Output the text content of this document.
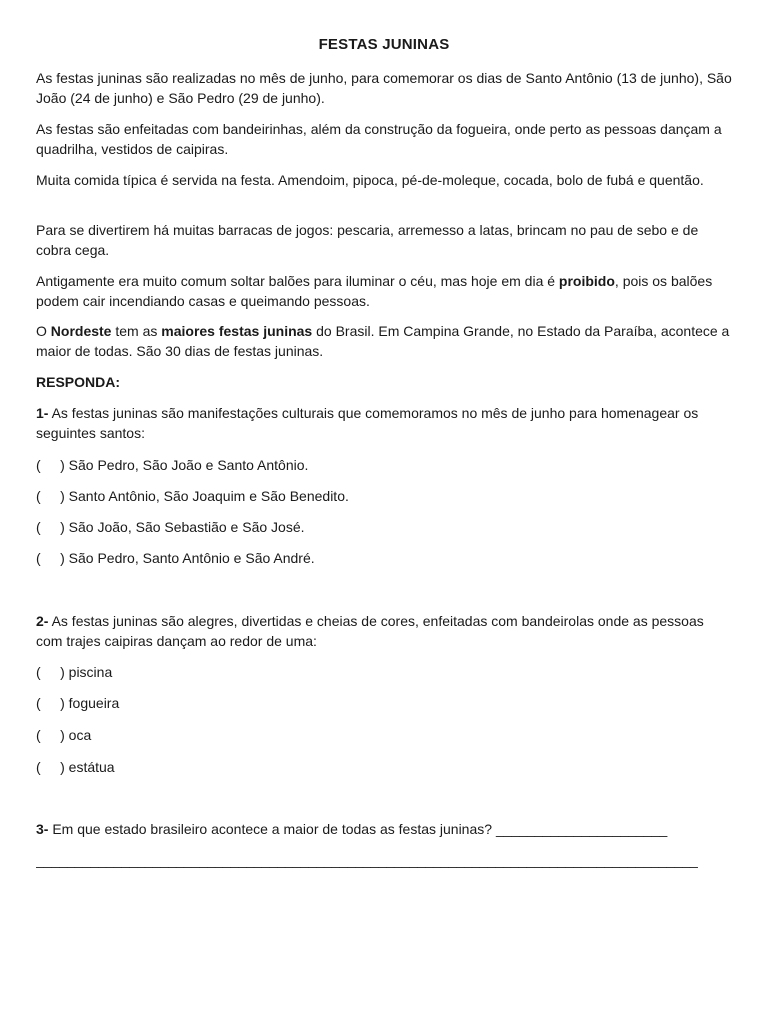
FESTAS JUNINAS
As festas juninas são realizadas no mês de junho, para comemorar os dias de Santo Antônio (13 de junho), São João (24 de junho) e São Pedro (29 de junho).
As festas são enfeitadas com bandeirinhas, além da construção da fogueira, onde perto as pessoas dançam a quadrilha, vestidos de caipiras.
Muita comida típica é servida na festa. Amendoim, pipoca, pé-de-moleque, cocada, bolo de fubá e quentão.
Para se divertirem há muitas barracas de jogos: pescaria, arremesso a latas, brincam no pau de sebo e de cobra cega.
Antigamente era muito comum soltar balões para iluminar o céu, mas hoje em dia é proibido, pois os balões podem cair incendiando casas e queimando pessoas.
O Nordeste tem as maiores festas juninas do Brasil. Em Campina Grande, no Estado da Paraíba, acontece a maior de todas. São 30 dias de festas juninas.
RESPONDA:
1- As festas juninas são manifestações culturais que comemoramos no mês de junho para homenagear os seguintes santos:
(     ) São Pedro, São João e Santo Antônio.
(     ) Santo Antônio, São Joaquim e São Benedito.
(     ) São João, São Sebastião e São José.
(     ) São Pedro, Santo Antônio e São André.
2- As festas juninas são alegres, divertidas e cheias de cores, enfeitadas com bandeirolas onde as pessoas com trajes caipiras dançam ao redor de uma:
(     ) piscina
(     ) fogueira
(     ) oca
(     ) estátua
3- Em que estado brasileiro acontece a maior de todas as festas juninas? ______________________
_____________________________________________________________________________________
